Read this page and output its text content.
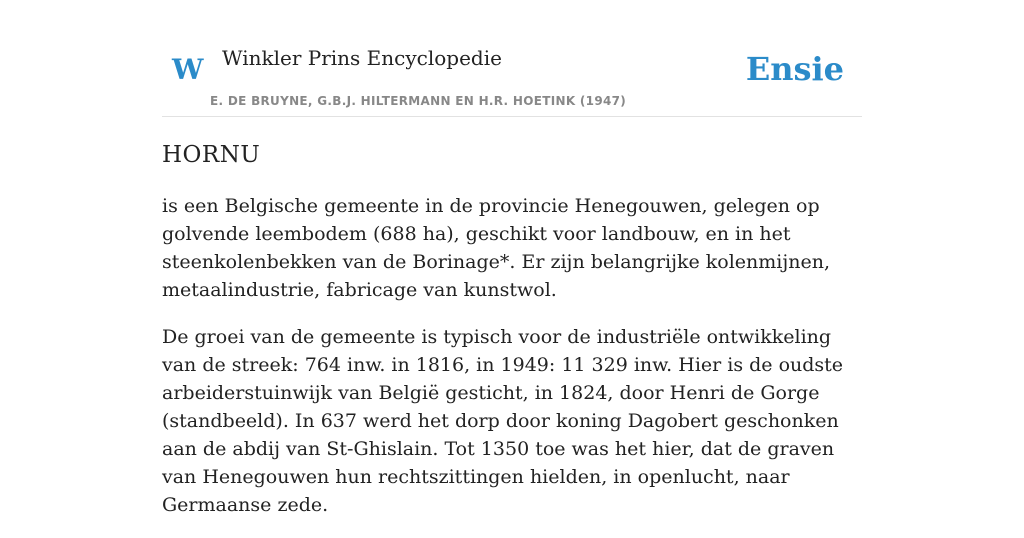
W Winkler Prins Encyclopedie
E. DE BRUYNE, G.B.J. HILTERMANN EN H.R. HOETINK (1947)
Ensie
HORNU

is een Belgische gemeente in de provincie Henegouwen, gelegen op golvende leembodem (688 ha), geschikt voor landbouw, en in het steenkolenbekken van de Borinage*. Er zijn belangrijke kolenmijnen, metaalindustrie, fabricage van kunstwol.

De groei van de gemeente is typisch voor de industriële ontwikkeling van de streek: 764 inw. in 1816, in 1949: 11 329 inw. Hier is de oudste arbeiderstuinwijk van België gesticht, in 1824, door Henri de Gorge (standbeeld). In 637 werd het dorp door koning Dagobert geschonken aan de abdij van St-Ghislain. Tot 1350 toe was het hier, dat de graven van Henegouwen hun rechtszittingen hielden, in openlucht, naar Germaanse zede.
